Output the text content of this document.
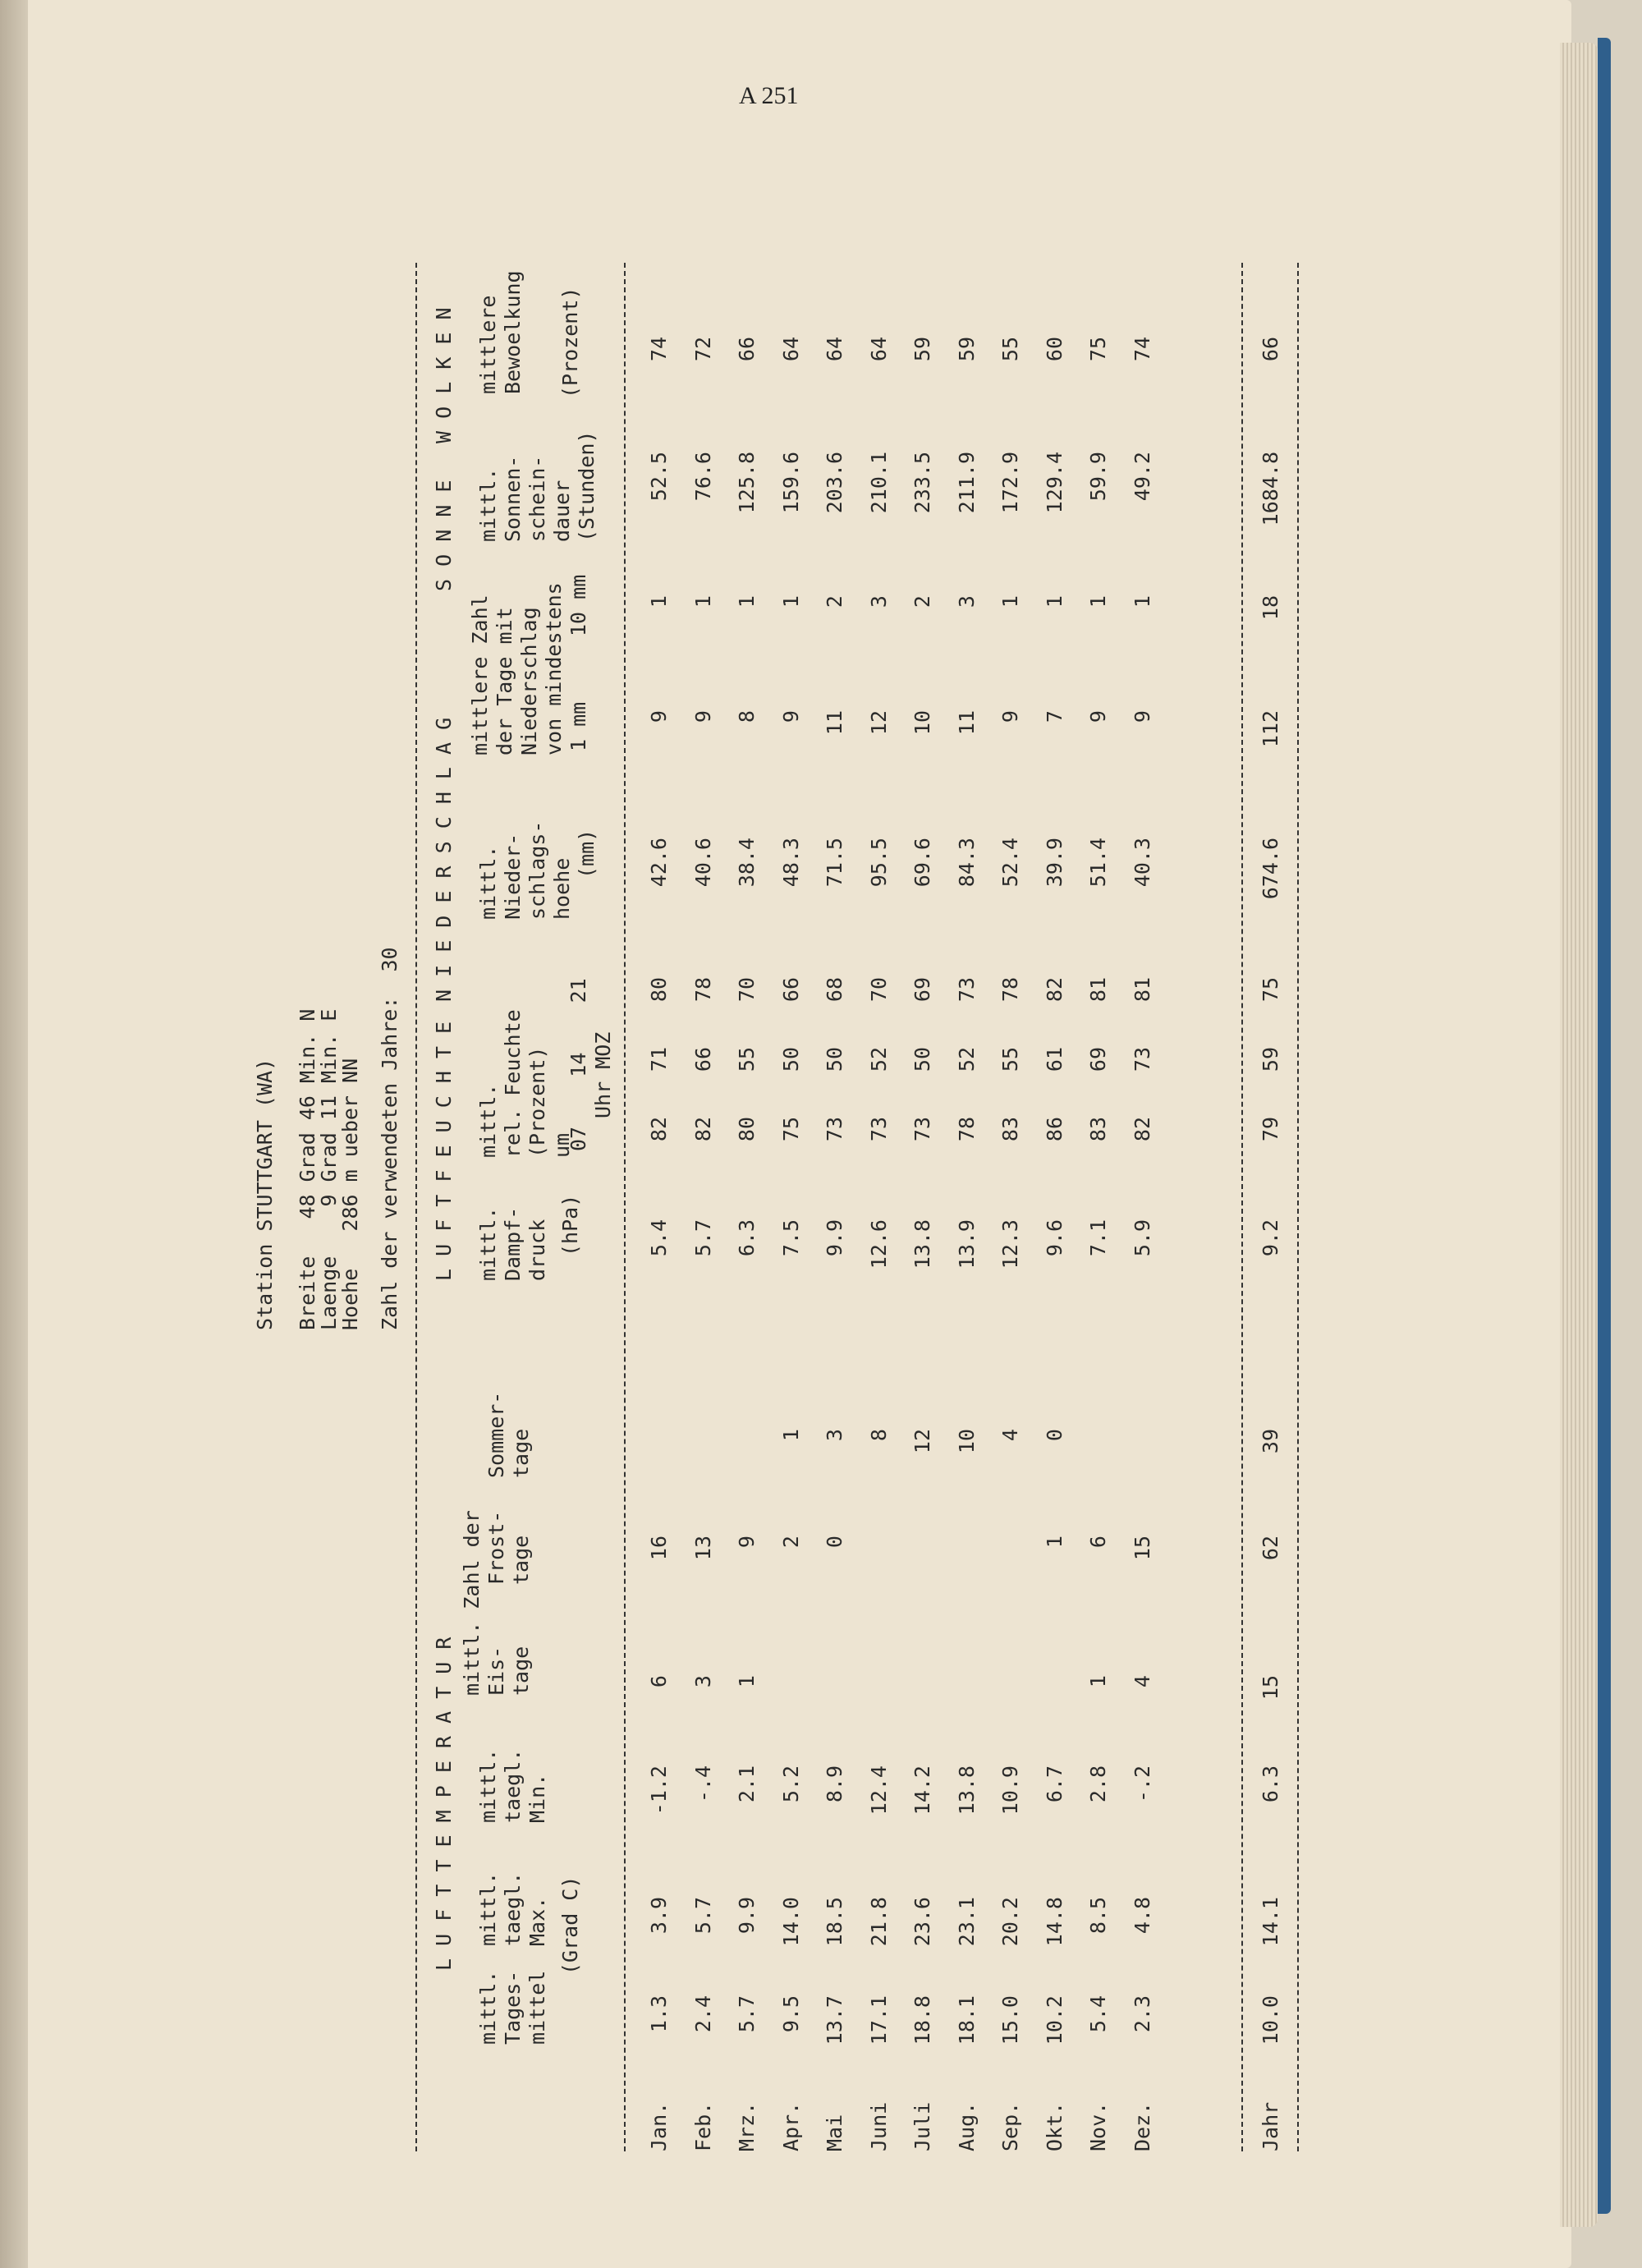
A 251
Station STUTTGART (WA) Breite   48 Grad 46 Min. N
Laenge    9 Grad 11 Min. E
Hoehe   286 m ueber NN Zahl der verwendeten Jahre:  30
L U F T T E M P E R A T U R
L U F T F E U C H T E
N I E D E R S C H L A G
S O N N E
W O L K E N
mittl.
Tages-
mittel
mittl.
taegl.
Max. (Grad C)
mittl.
taegl.
Min.
mittl. Zahl der Eis-
tage
Frost-
tage
Sommer-
tage
mittl.
Dampf-
druck (hPa)
mittl.
rel. Feuchte
(Prozent)
um
07    14    21 Uhr MOZ
mittl.
Nieder-
schlags-
hoehe
(mm)
mittlere Zahl
der Tage mit
Niederschlag
von mindestens
1 mm
10 mm
mittl.
Sonnen-
schein-
dauer
(Stunden)
mittlere
Bewoelkung (Prozent)
Jan.
1.3
3.9
-1.2
6
16
5.4
82
71
80
42.6
9
1
52.5
74
Feb.
2.4
5.7
-.4
3
13
5.7
82
66
78
40.6
9
1
76.6
72
Mrz.
5.7
9.9
2.1
1
9
6.3
80
55
70
38.4
8
1
125.8
66
Apr.
9.5
14.0
5.2
2
1
7.5
75
50
66
48.3
9
1
159.6
64
Mai
13.7
18.5
8.9
0
3
9.9
73
50
68
71.5
11
2
203.6
64
Juni
17.1
21.8
12.4
8
12.6
73
52
70
95.5
12
3
210.1
64
Juli
18.8
23.6
14.2
12
13.8
73
50
69
69.6
10
2
233.5
59
Aug.
18.1
23.1
13.8
10
13.9
78
52
73
84.3
11
3
211.9
59
Sep.
15.0
20.2
10.9
4
12.3
83
55
78
52.4
9
1
172.9
55
Okt.
10.2
14.8
6.7
1
0
9.6
86
61
82
39.9
7
1
129.4
60
Nov.
5.4
8.5
2.8
1
6
7.1
83
69
81
51.4
9
1
59.9
75
Dez.
2.3
4.8
-.2
4
15
5.9
82
73
81
40.3
9
1
49.2
74
Jahr
10.0
14.1
6.3
15
62
39
9.2
79
59
75
674.6
112
18
1684.8
66
